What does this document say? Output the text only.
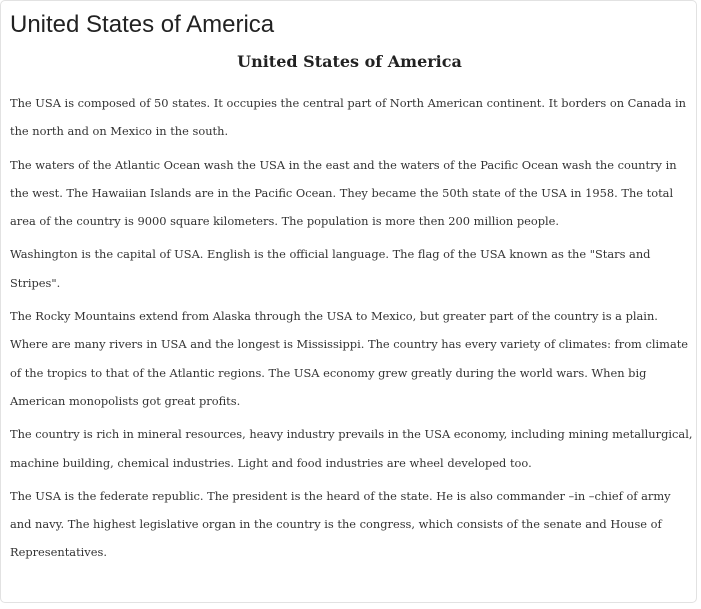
United States of America
United States of America

The USA is composed of 50 states. It occupies the central part of North American continent. It borders on Canada in the north and on Mexico in the south.

The waters of the Atlantic Ocean wash the USA in the east and the waters of the Pacific Ocean wash the country in the west. The Hawaiian Islands are in the Pacific Ocean. They became the 50th state of the USA in 1958. The total area of the country is 9000 square kilometers. The population is more then 200 million people.

Washington is the capital of USA. English is the official language. The flag of the USA known as the "Stars and Stripes".

The Rocky Mountains extend from Alaska through the USA to Mexico, but greater part of the country is a plain. Where are many rivers in USA and the longest is Mississippi. The country has every variety of climates: from climate of the tropics to that of the Atlantic regions. The USA economy grew greatly during the world wars. When big American monopolists got great profits.

The country is rich in mineral resources, heavy industry prevails in the USA economy, including mining metallurgical, machine building, chemical industries. Light and food industries are wheel developed too.

The USA is the federate republic. The president is the heard of the state. He is also commander –in –chief of army and navy. The highest legislative organ in the country is the congress, which consists of the senate and House of Representatives.
